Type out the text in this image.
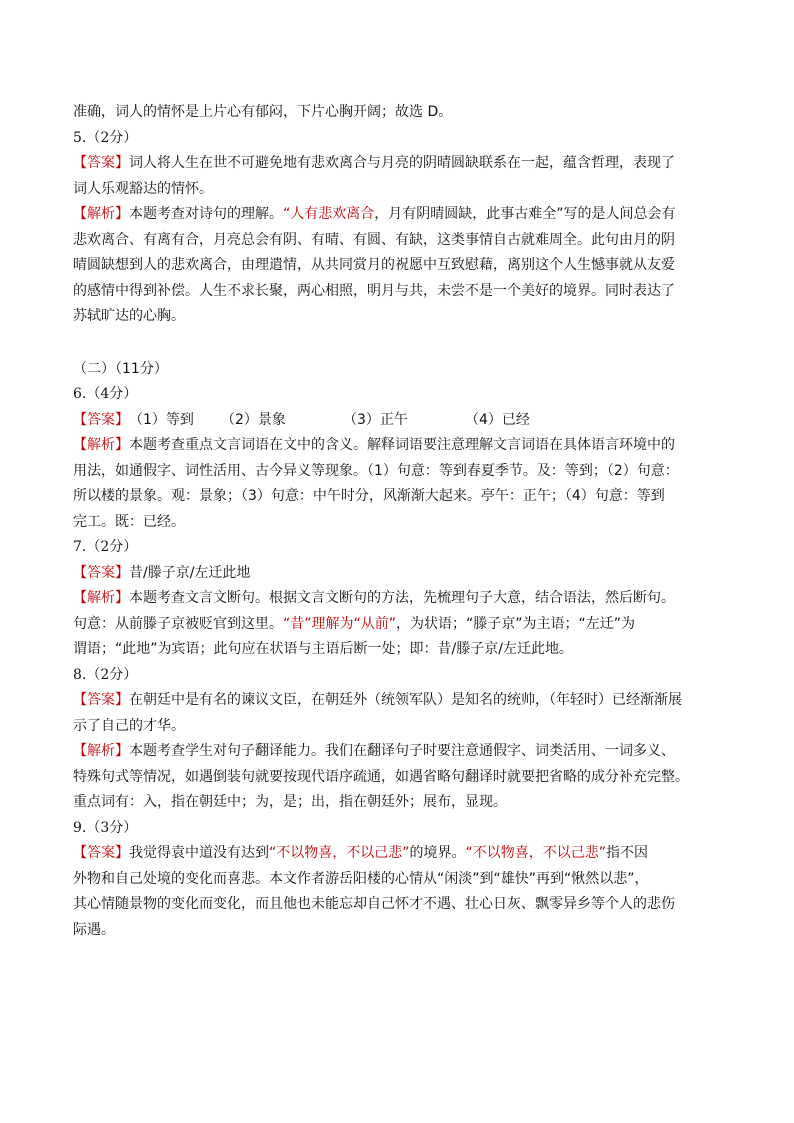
准确，词人的情怀是上片心有郁闷，下片心胸开阔；故选 D。
5.（2分）
【答案】词人将人生在世不可避免地有悲欢离合与月亮的阴晴圆缺联系在一起，蕴含哲理，表现了
词人乐观豁达的情怀。
【解析】本题考查对诗句的理解。“人有悲欢离合，月有阴晴圆缺，此事古难全”写的是人间总会有
悲欢离合、有离有合，月亮总会有阴、有晴、有圆、有缺，这类事情自古就难周全。此句由月的阴
晴圆缺想到人的悲欢离合，由理遣情，从共同赏月的祝愿中互致慰藉，离别这个人生憾事就从友爱
的感情中得到补偿。人生不求长聚，两心相照，明月与共，未尝不是一个美好的境界。同时表达了
苏轼旷达的心胸。
（二）（11分）
6.（4分）
【答案】（1）等到 （2）景象	（3）正午	（4）已经
【解析】本题考查重点文言词语在文中的含义。解释词语要注意理解文言词语在具体语言环境中的
用法，如通假字、词性活用、古今异义等现象。（1）句意：等到春夏季节。及：等到；（2）句意：
所以楼的景象。观：景象；（3）句意：中午时分，风渐渐大起来。亭午：正午；（4）句意：等到
完工。既：已经。
7.（2分）
【答案】昔/滕子京/左迁此地
【解析】本题考查文言文断句。根据文言文断句的方法，先梳理句子大意，结合语法，然后断句。
句意：从前滕子京被贬官到这里。“昔”理解为“从前”，为状语；“滕子京”为主语；“左迁”为
谓语；“此地”为宾语；此句应在状语与主语后断一处；即：昔/滕子京/左迁此地。
8.（2分）
【答案】在朝廷中是有名的谏议文臣，在朝廷外（统领军队）是知名的统帅，（年轻时）已经渐渐展
示了自己的才华。
【解析】本题考查学生对句子翻译能力。我们在翻译句子时要注意通假字、词类活用、一词多义、
特殊句式等情况，如遇倒装句就要按现代语序疏通，如遇省略句翻译时就要把省略的成分补充完整。
重点词有：入，指在朝廷中；为，是；出，指在朝廷外；展布，显现。
9.（3分）
【答案】我觉得袁中道没有达到“不以物喜，不以己悲”的境界。“不以物喜，不以己悲”指不因
外物和自己处境的变化而喜悲。本文作者游岳阳楼的心情从“闲淡”到“雄快”再到“愀然以悲”，
其心情随景物的变化而变化，而且他也未能忘却自己怀才不遇、壮心日灰、飘零异乡等个人的悲伤
际遇。
